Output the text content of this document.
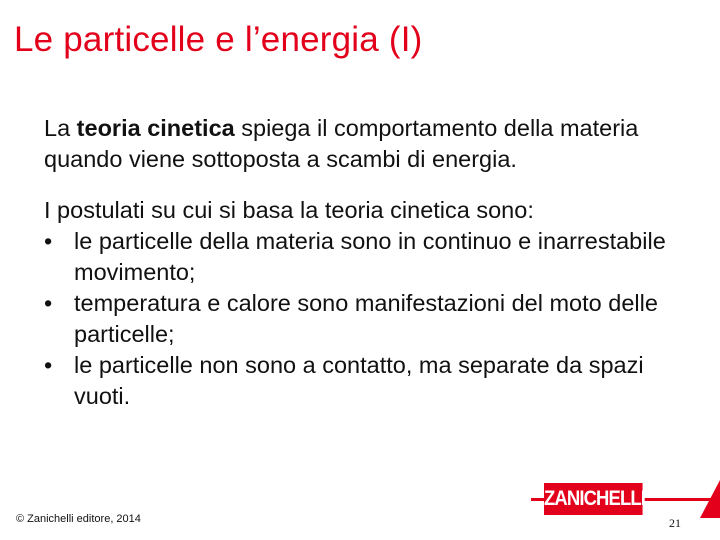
Le particelle e l’energia (I)

La teoria cinetica spiega il comportamento della materia quando viene sottoposta a scambi di energia.

I postulati su cui si basa la teoria cinetica sono:
• le particelle della materia sono in continuo e inarrestabile movimento;
• temperatura e calore sono manifestazioni del moto delle particelle;
• le particelle non sono a contatto, ma separate da spazi vuoti.
ZANICHELLI
© Zanichelli editore, 2014	21
